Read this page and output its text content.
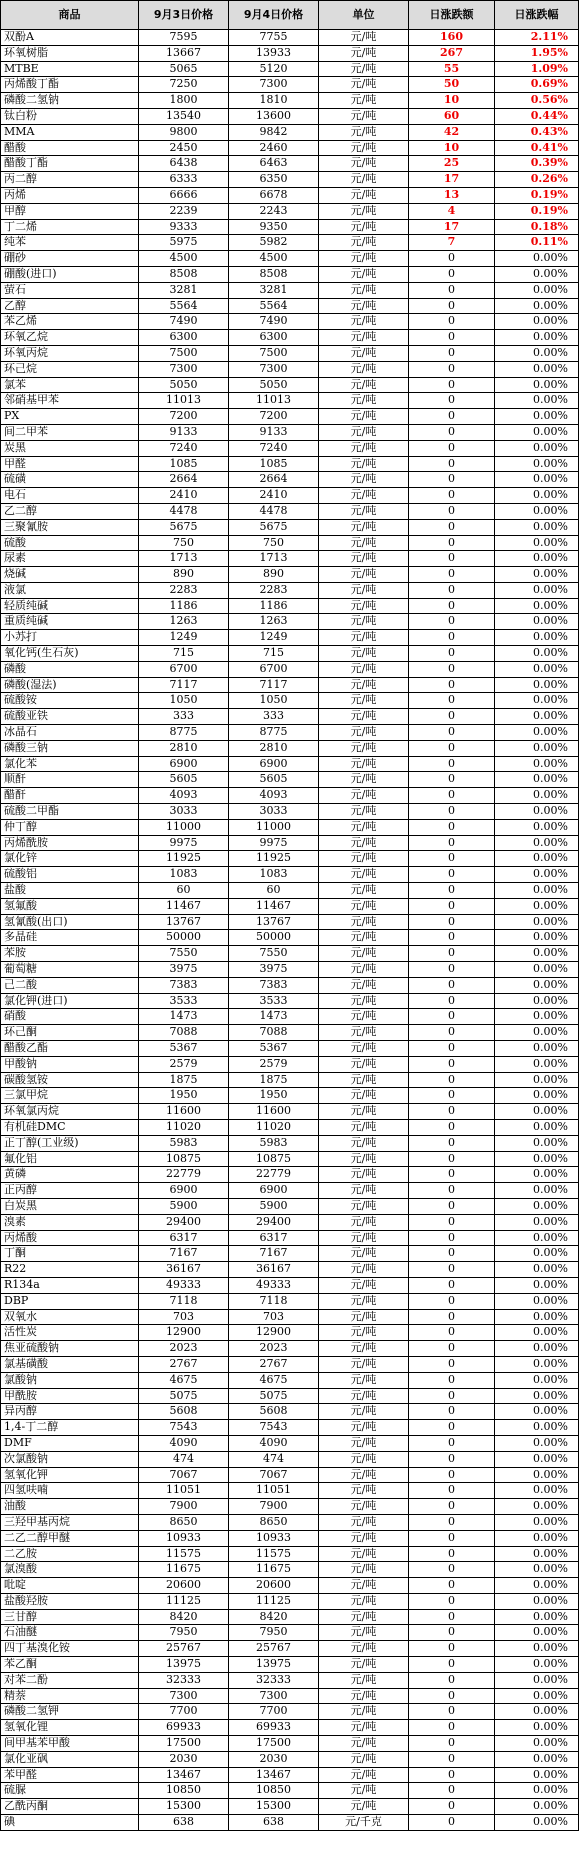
商品	9月3日价格	9月4日价格	单位	日涨跌额	日涨跌幅
双酚A	7595	7755	元/吨	160	2.11%
环氧树脂	13667	13933	元/吨	267	1.95%
MTBE	5065	5120	元/吨	55	1.09%
丙烯酸丁酯	7250	7300	元/吨	50	0.69%
磷酸二氢钠	1800	1810	元/吨	10	0.56%
钛白粉	13540	13600	元/吨	60	0.44%
MMA	9800	9842	元/吨	42	0.43%
醋酸	2450	2460	元/吨	10	0.41%
醋酸丁酯	6438	6463	元/吨	25	0.39%
丙二醇	6333	6350	元/吨	17	0.26%
丙烯	6666	6678	元/吨	13	0.19%
甲醇	2239	2243	元/吨	4	0.19%
丁二烯	9333	9350	元/吨	17	0.18%
纯苯	5975	5982	元/吨	7	0.11%
硼砂	4500	4500	元/吨	0	0.00%
硼酸(进口)	8508	8508	元/吨	0	0.00%
萤石	3281	3281	元/吨	0	0.00%
乙醇	5564	5564	元/吨	0	0.00%
苯乙烯	7490	7490	元/吨	0	0.00%
环氧乙烷	6300	6300	元/吨	0	0.00%
环氧丙烷	7500	7500	元/吨	0	0.00%
环己烷	7300	7300	元/吨	0	0.00%
氯苯	5050	5050	元/吨	0	0.00%
邻硝基甲苯	11013	11013	元/吨	0	0.00%
PX	7200	7200	元/吨	0	0.00%
间二甲苯	9133	9133	元/吨	0	0.00%
炭黑	7240	7240	元/吨	0	0.00%
甲醛	1085	1085	元/吨	0	0.00%
硫磺	2664	2664	元/吨	0	0.00%
电石	2410	2410	元/吨	0	0.00%
乙二醇	4478	4478	元/吨	0	0.00%
三聚氰胺	5675	5675	元/吨	0	0.00%
硫酸	750	750	元/吨	0	0.00%
尿素	1713	1713	元/吨	0	0.00%
烧碱	890	890	元/吨	0	0.00%
液氯	2283	2283	元/吨	0	0.00%
轻质纯碱	1186	1186	元/吨	0	0.00%
重质纯碱	1263	1263	元/吨	0	0.00%
小苏打	1249	1249	元/吨	0	0.00%
氧化钙(生石灰)	715	715	元/吨	0	0.00%
磷酸	6700	6700	元/吨	0	0.00%
磷酸(湿法)	7117	7117	元/吨	0	0.00%
硫酸铵	1050	1050	元/吨	0	0.00%
硫酸亚铁	333	333	元/吨	0	0.00%
冰晶石	8775	8775	元/吨	0	0.00%
磷酸三钠	2810	2810	元/吨	0	0.00%
氯化苯	6900	6900	元/吨	0	0.00%
顺酐	5605	5605	元/吨	0	0.00%
醋酐	4093	4093	元/吨	0	0.00%
硫酸二甲酯	3033	3033	元/吨	0	0.00%
仲丁醇	11000	11000	元/吨	0	0.00%
丙烯酰胺	9975	9975	元/吨	0	0.00%
氯化锌	11925	11925	元/吨	0	0.00%
硫酸铝	1083	1083	元/吨	0	0.00%
盐酸	60	60	元/吨	0	0.00%
氢氟酸	11467	11467	元/吨	0	0.00%
氢氰酸(出口)	13767	13767	元/吨	0	0.00%
多晶硅	50000	50000	元/吨	0	0.00%
苯胺	7550	7550	元/吨	0	0.00%
葡萄糖	3975	3975	元/吨	0	0.00%
己二酸	7383	7383	元/吨	0	0.00%
氯化钾(进口)	3533	3533	元/吨	0	0.00%
硝酸	1473	1473	元/吨	0	0.00%
环己酮	7088	7088	元/吨	0	0.00%
醋酸乙酯	5367	5367	元/吨	0	0.00%
甲酸钠	2579	2579	元/吨	0	0.00%
碳酸氢铵	1875	1875	元/吨	0	0.00%
三氯甲烷	1950	1950	元/吨	0	0.00%
环氧氯丙烷	11600	11600	元/吨	0	0.00%
有机硅DMC	11020	11020	元/吨	0	0.00%
正丁醇(工业级)	5983	5983	元/吨	0	0.00%
氟化铝	10875	10875	元/吨	0	0.00%
黄磷	22779	22779	元/吨	0	0.00%
正丙醇	6900	6900	元/吨	0	0.00%
白炭黑	5900	5900	元/吨	0	0.00%
溴素	29400	29400	元/吨	0	0.00%
丙烯酸	6317	6317	元/吨	0	0.00%
丁酮	7167	7167	元/吨	0	0.00%
R22	36167	36167	元/吨	0	0.00%
R134a	49333	49333	元/吨	0	0.00%
DBP	7118	7118	元/吨	0	0.00%
双氧水	703	703	元/吨	0	0.00%
活性炭	12900	12900	元/吨	0	0.00%
焦亚硫酸钠	2023	2023	元/吨	0	0.00%
氯基磺酸	2767	2767	元/吨	0	0.00%
氯酸钠	4675	4675	元/吨	0	0.00%
甲酰胺	5075	5075	元/吨	0	0.00%
异丙醇	5608	5608	元/吨	0	0.00%
1,4-丁二醇	7543	7543	元/吨	0	0.00%
DMF	4090	4090	元/吨	0	0.00%
次氯酸钠	474	474	元/吨	0	0.00%
氢氧化钾	7067	7067	元/吨	0	0.00%
四氢呋喃	11051	11051	元/吨	0	0.00%
油酸	7900	7900	元/吨	0	0.00%
三羟甲基丙烷	8650	8650	元/吨	0	0.00%
二乙二醇甲醚	10933	10933	元/吨	0	0.00%
二乙胺	11575	11575	元/吨	0	0.00%
氯溴酸	11675	11675	元/吨	0	0.00%
吡啶	20600	20600	元/吨	0	0.00%
盐酸羟胺	11125	11125	元/吨	0	0.00%
三甘醇	8420	8420	元/吨	0	0.00%
石油醚	7950	7950	元/吨	0	0.00%
四丁基溴化铵	25767	25767	元/吨	0	0.00%
苯乙酮	13975	13975	元/吨	0	0.00%
对苯二酚	32333	32333	元/吨	0	0.00%
精萘	7300	7300	元/吨	0	0.00%
磷酸二氢钾	7700	7700	元/吨	0	0.00%
氢氧化锂	69933	69933	元/吨	0	0.00%
间甲基苯甲酸	17500	17500	元/吨	0	0.00%
氯化亚砜	2030	2030	元/吨	0	0.00%
苯甲醛	13467	13467	元/吨	0	0.00%
硫脲	10850	10850	元/吨	0	0.00%
乙酰丙酮	15300	15300	元/吨	0	0.00%
碘	638	638	元/千克	0	0.00%
